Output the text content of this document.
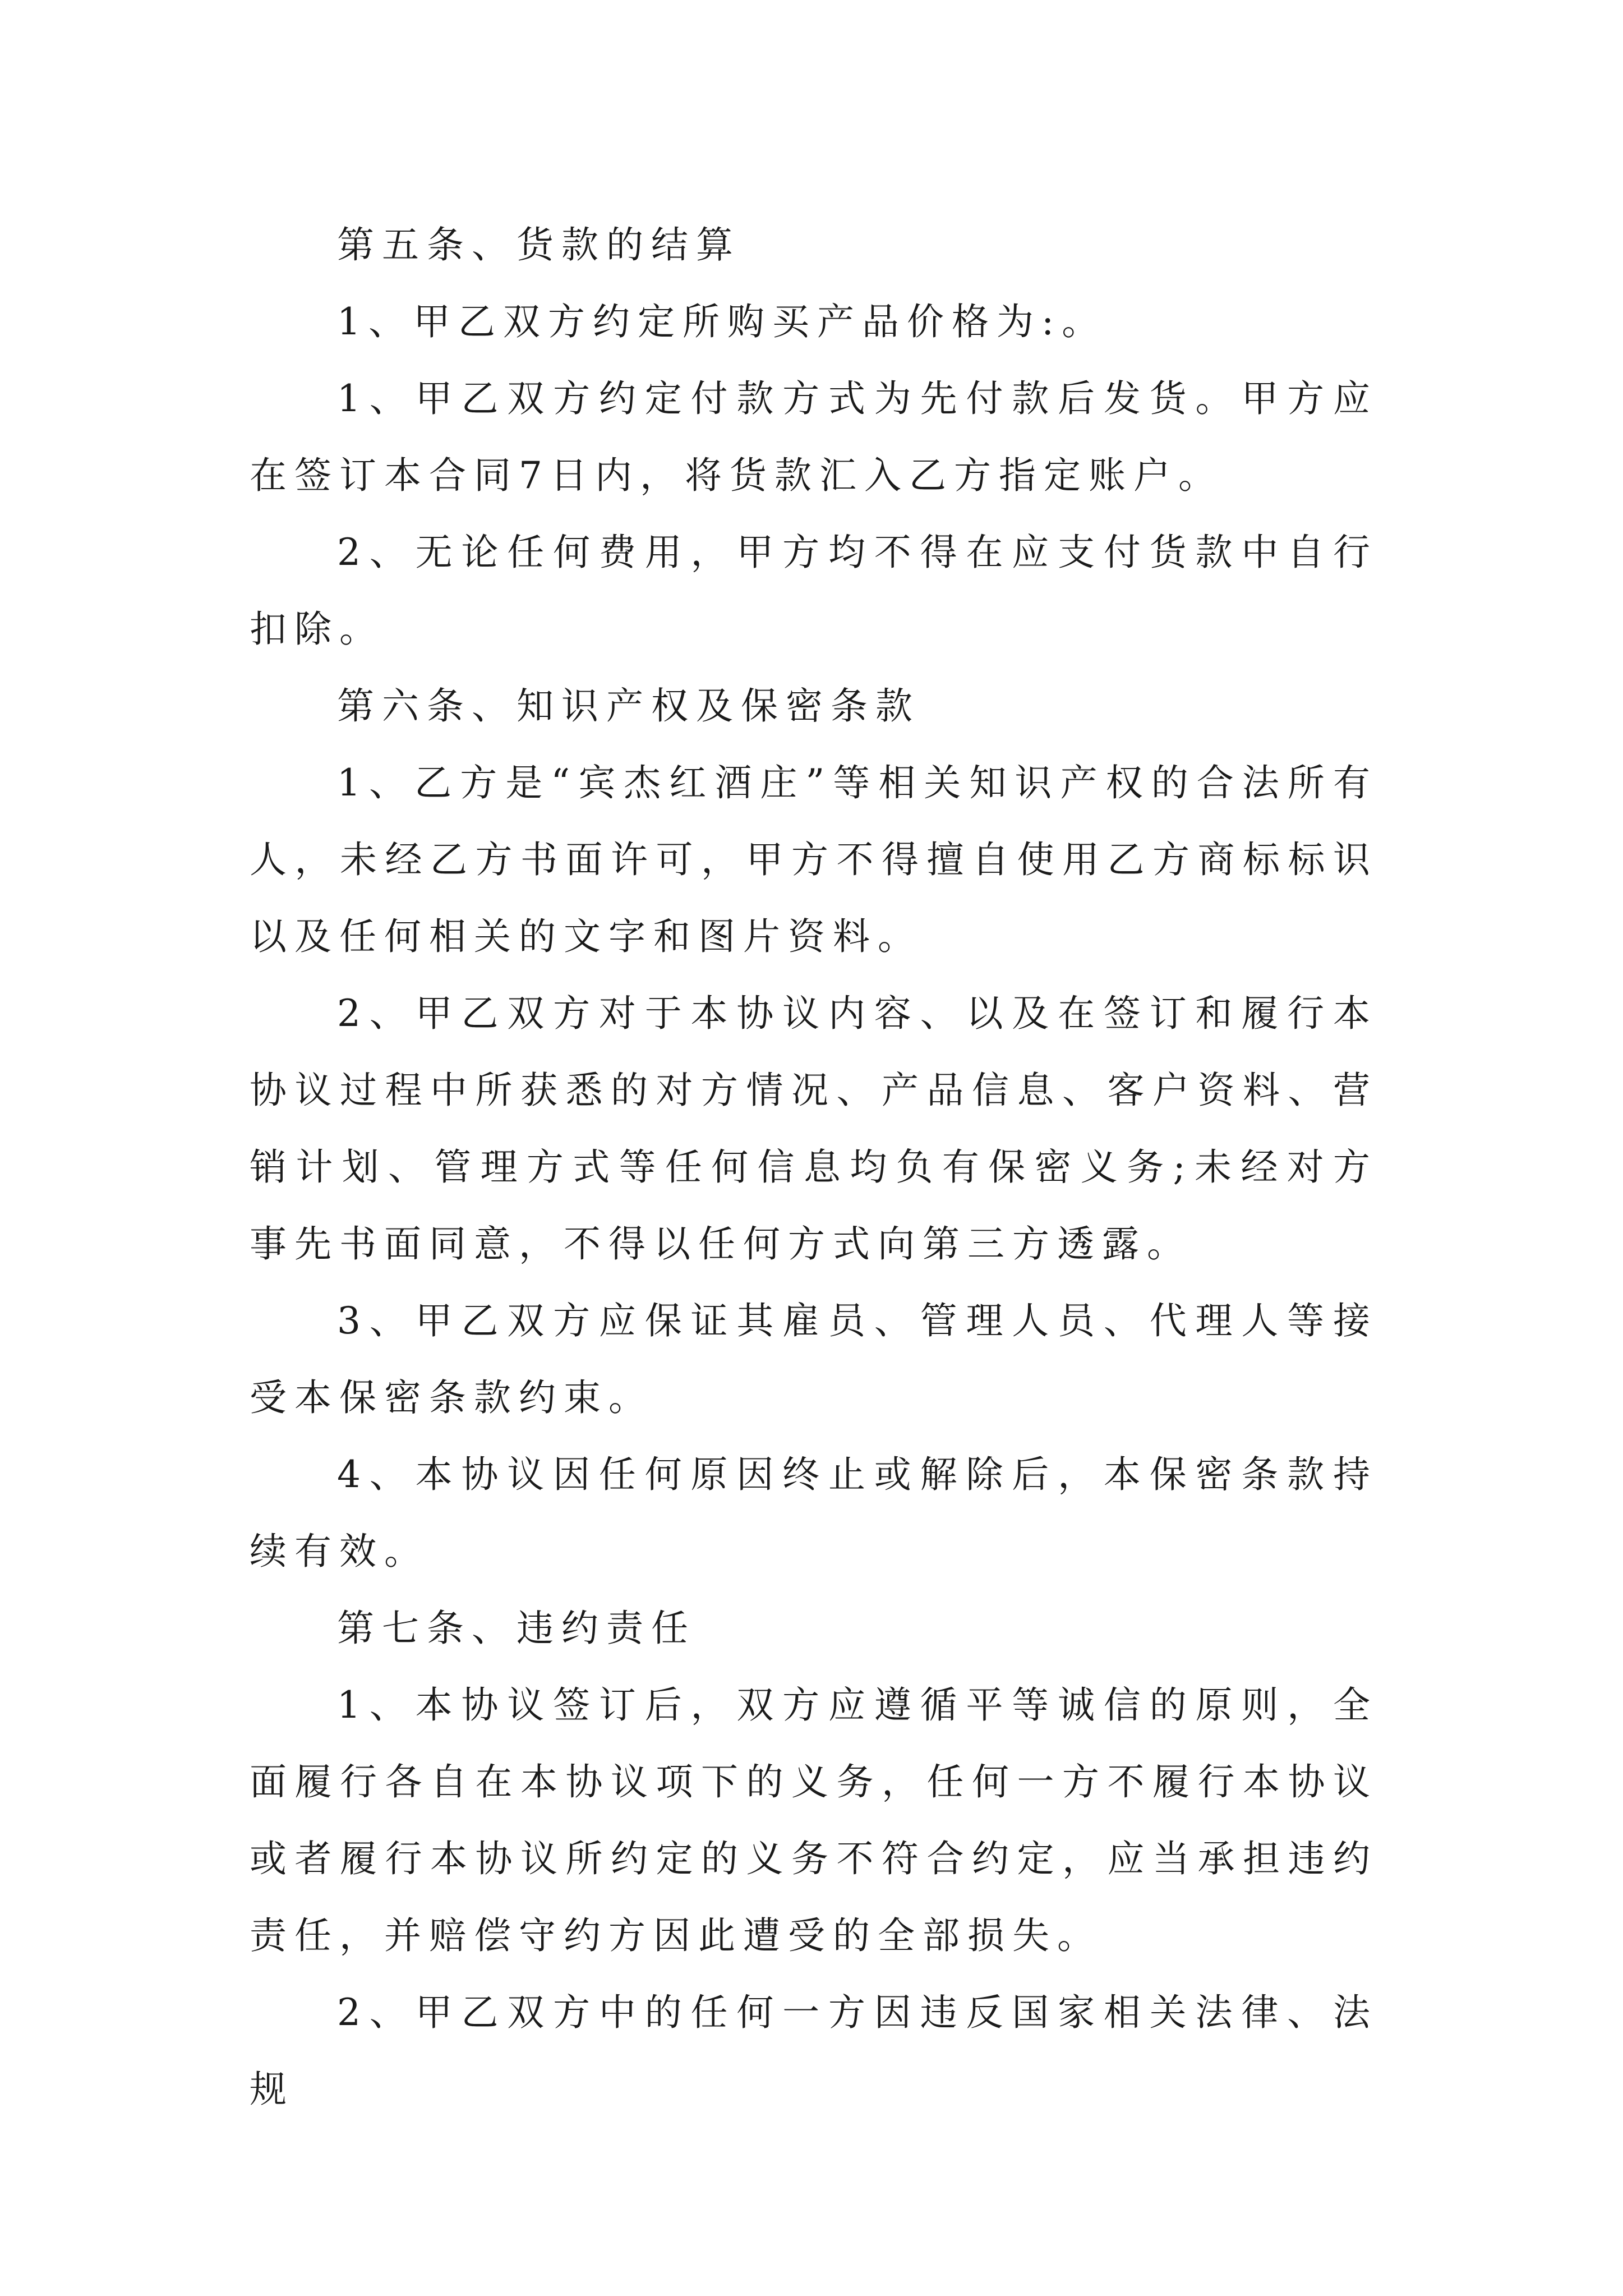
第五条、货款的结算

1、甲乙双方约定所购买产品价格为:。

1、甲乙双方约定付款方式为先付款后发货。甲方应在签订本合同7日内，将货款汇入乙方指定账户。

2、无论任何费用，甲方均不得在应支付货款中自行扣除。

第六条、知识产权及保密条款

1、乙方是“宾杰红酒庄”等相关知识产权的合法所有人，未经乙方书面许可，甲方不得擅自使用乙方商标标识以及任何相关的文字和图片资料。

2、甲乙双方对于本协议内容、以及在签订和履行本协议过程中所获悉的对方情况、产品信息、客户资料、营销计划、管理方式等任何信息均负有保密义务;未经对方事先书面同意，不得以任何方式向第三方透露。

3、甲乙双方应保证其雇员、管理人员、代理人等接受本保密条款约束。

4、本协议因任何原因终止或解除后，本保密条款持续有效。

第七条、违约责任

1、本协议签订后，双方应遵循平等诚信的原则，全面履行各自在本协议项下的义务，任何一方不履行本协议或者履行本协议所约定的义务不符合约定，应当承担违约责任，并赔偿守约方因此遭受的全部损失。

2、甲乙双方中的任何一方因违反国家相关法律、法规
